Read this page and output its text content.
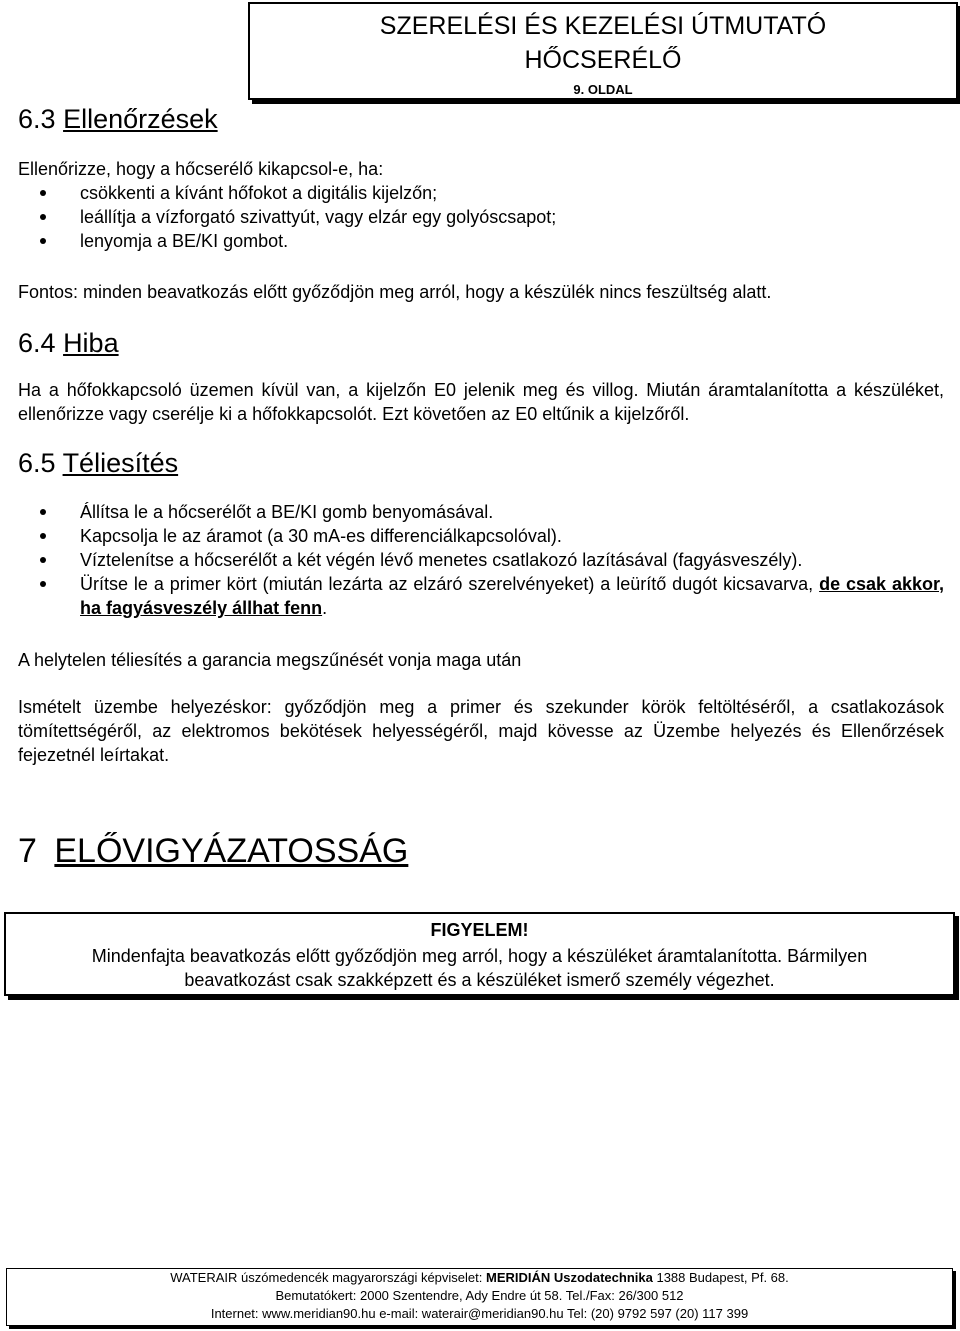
SZERELÉSI ÉS KEZELÉSI ÚTMUTATÓ
HŐCSERÉLŐ
9. OLDAL
6.3 Ellenőrzések
Ellenőrizze, hogy a hőcserélő kikapcsol-e, ha:
csökkenti a kívánt hőfokot a digitális kijelzőn;
leállítja a vízforgató szivattyút, vagy elzár egy golyóscsapot;
lenyomja a BE/KI gombot.
Fontos: minden beavatkozás előtt győződjön meg arról, hogy a készülék nincs feszültség alatt.
6.4 Hiba
Ha a hőfokkapcsoló üzemen kívül van, a kijelzőn E0 jelenik meg és villog. Miután áramtalanította a készüléket, ellenőrizze vagy cserélje ki a hőfokkapcsolót. Ezt követően az E0 eltűnik a kijelzőről.
6.5 Téliesítés
Állítsa le a hőcserélőt a BE/KI gomb benyomásával.
Kapcsolja le az áramot (a 30 mA-es differenciálkapcsolóval).
Víztelenítse a hőcserélőt a két végén lévő menetes csatlakozó lazításával (fagyásveszély).
Ürítse le a primer kört (miután lezárta az elzáró szerelvényeket) a leürítő dugót kicsavarva, de csak akkor, ha fagyásveszély állhat fenn.
A helytelen téliesítés a garancia megszűnését vonja maga után
Ismételt üzembe helyezéskor: győződjön meg a primer és szekunder körök feltöltéséről, a csatlakozások tömítettségéről, az elektromos bekötések helyességéről, majd kövesse az Üzembe helyezés és Ellenőrzések fejezetnél leírtakat.
7 ELŐVIGYÁZATOSSÁG
FIGYELEM!
Mindenfajta beavatkozás előtt győződjön meg arról, hogy a készüléket áramtalanította. Bármilyen
beavatkozást csak szakképzett és a készüléket ismerő személy végezhet.
WATERAIR úszómedencék magyarországi képviselet: MERIDIÁN Uszodatechnika 1388 Budapest, Pf. 68.
Bemutatókert: 2000 Szentendre, Ady Endre út 58. Tel./Fax: 26/300 512
Internet: www.meridian90.hu e-mail: waterair@meridian90.hu Tel: (20) 9792 597 (20) 117 399
